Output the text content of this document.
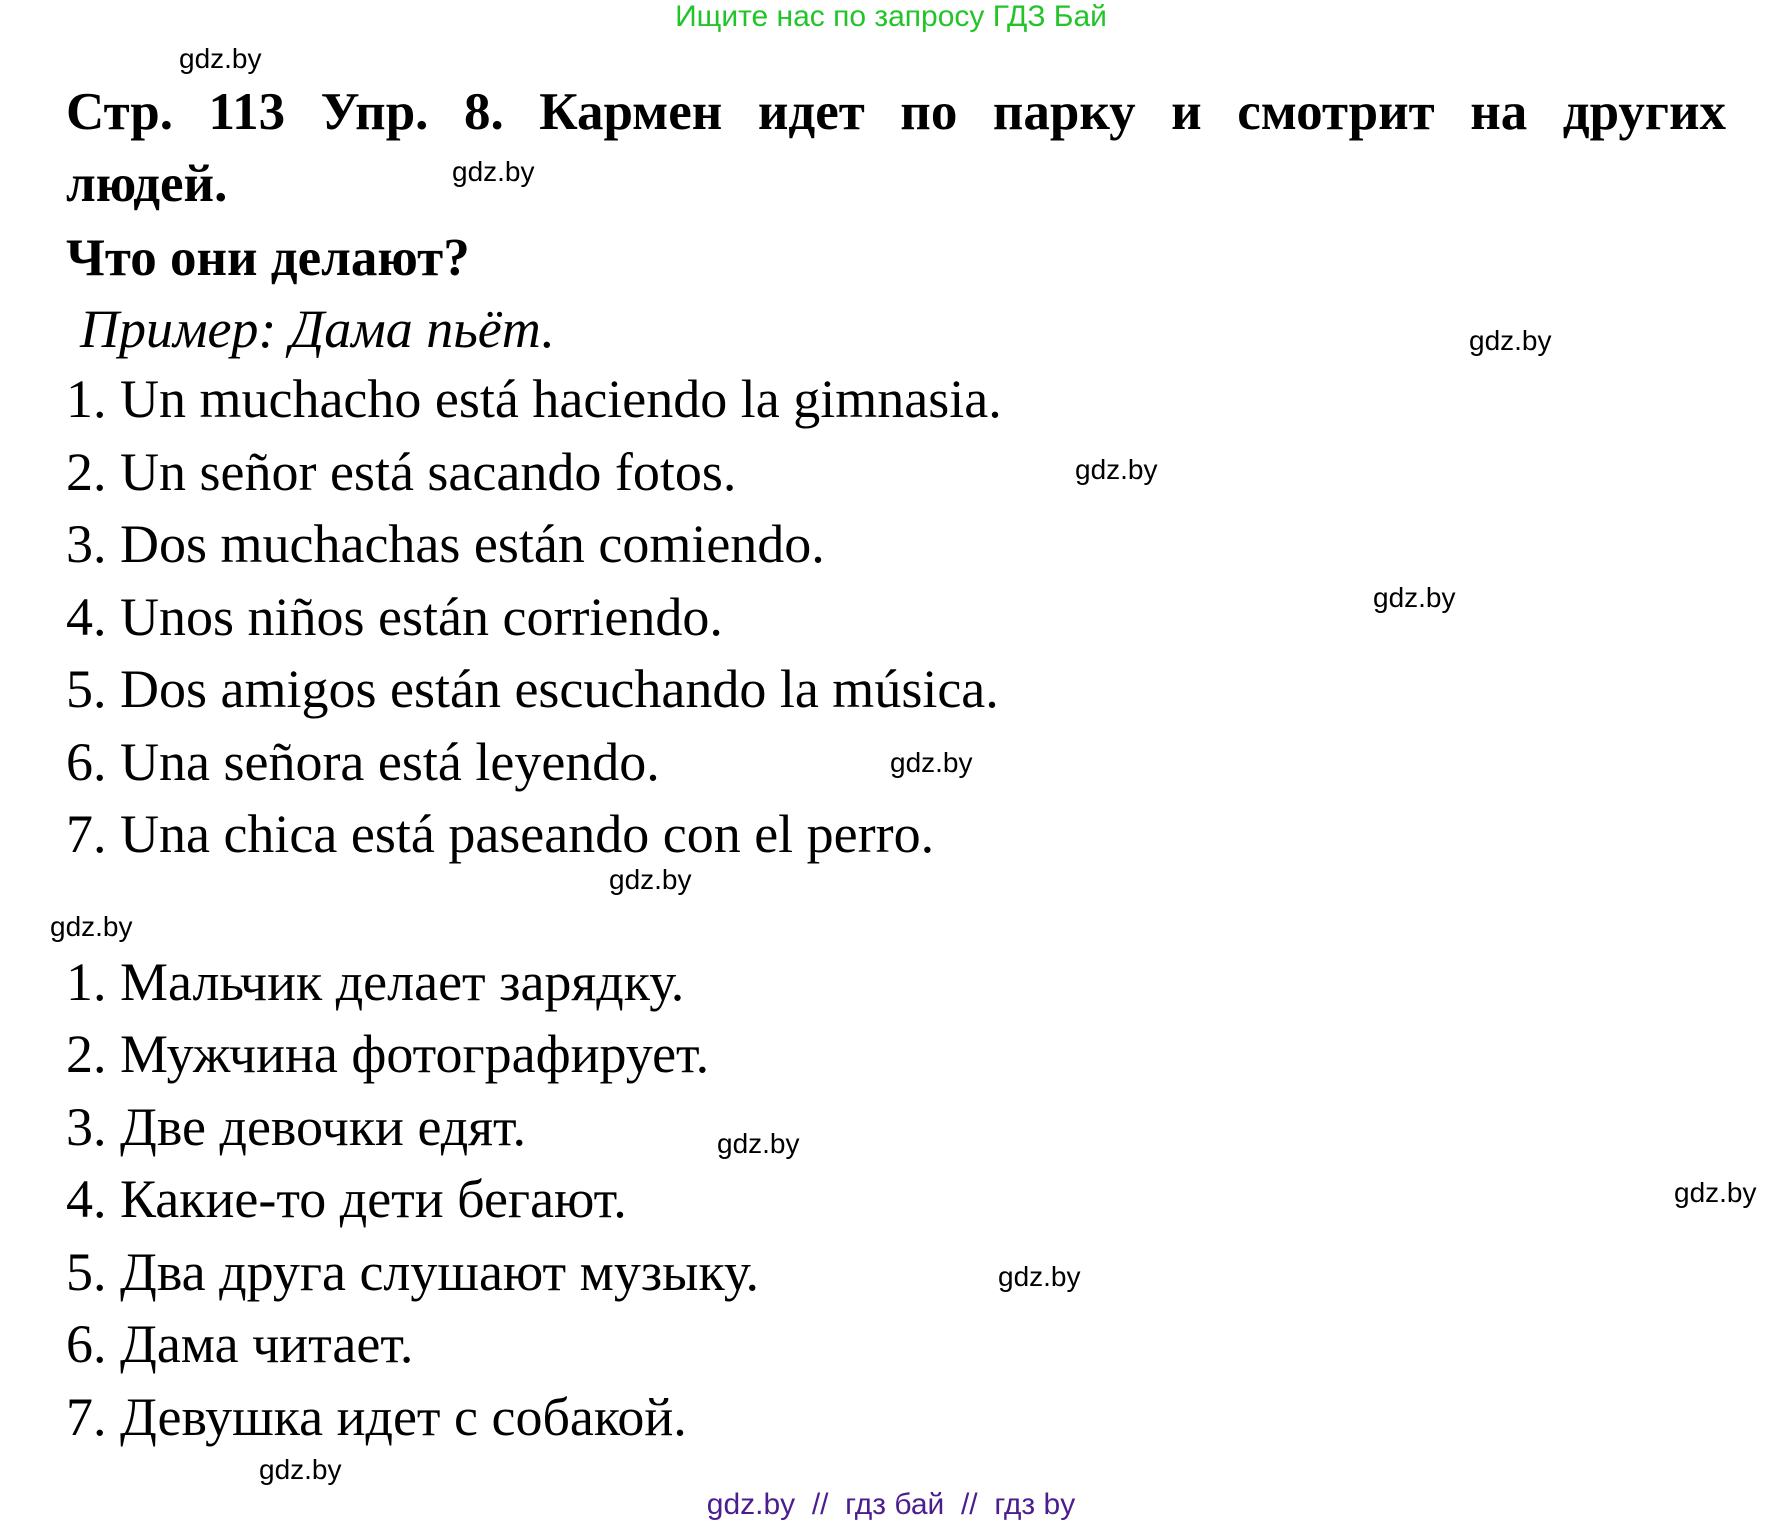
Ищите нас по запросу ГДЗ Бай
Стр. 113 Упр. 8. Кармен идет по парку и смотрит на других
людей.
Что они делают?
Пример: Дама пьёт.
1. Un muchacho está haciendo la gimnasia.
2. Un señor está sacando fotos.
3. Dos muchachas están comiendo.
4. Unos niños están corriendo.
5. Dos amigos están escuchando la música.
6. Una señora está leyendo.
7. Una chica está paseando con el perro.
1. Мальчик делает зарядку.
2. Мужчина фотографирует.
3. Две девочки едят.
4. Какие-то дети бегают.
5. Два друга слушают музыку.
6. Дама читает.
7. Девушка идет с собакой.
gdz.by
gdz.by
gdz.by
gdz.by
gdz.by
gdz.by
gdz.by
gdz.by
gdz.by
gdz.by
gdz.by
gdz.by
gdz.by  //  гдз бай  //  гдз by
